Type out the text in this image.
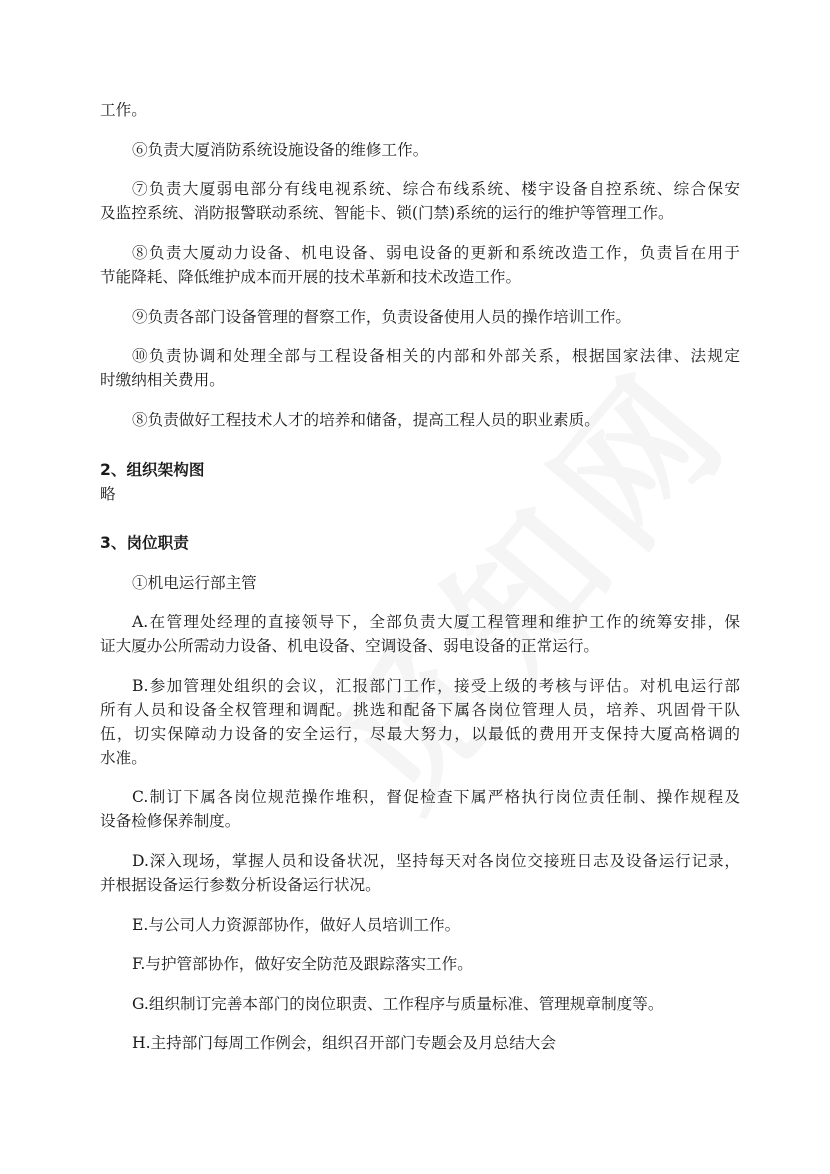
工作。
⑥负责大厦消防系统设施设备的维修工作。
⑦负责大厦弱电部分有线电视系统、综合布线系统、楼宇设备自控系统、综合保安
及监控系统、消防报警联动系统、智能卡、锁(门禁)系统的运行的维护等管理工作。
⑧负责大厦动力设备、机电设备、弱电设备的更新和系统改造工作，负责旨在用于
节能降耗、降低维护成本而开展的技术革新和技术改造工作。
⑨负责各部门设备管理的督察工作，负责设备使用人员的操作培训工作。
⑩负责协调和处理全部与工程设备相关的内部和外部关系，根据国家法律、法规定
时缴纳相关费用。
⑧负责做好工程技术人才的培养和储备，提高工程人员的职业素质。
2、组织架构图
略
3、岗位职责
①机电运行部主管
A.在管理处经理的直接领导下，全部负责大厦工程管理和维护工作的统筹安排，保
证大厦办公所需动力设备、机电设备、空调设备、弱电设备的正常运行。
B.参加管理处组织的会议，汇报部门工作，接受上级的考核与评估。对机电运行部
所有人员和设备全权管理和调配。挑选和配备下属各岗位管理人员，培养、巩固骨干队
伍，切实保障动力设备的安全运行，尽最大努力，以最低的费用开支保持大厦高格调的
水准。
C.制订下属各岗位规范操作堆积，督促检查下属严格执行岗位责任制、操作规程及
设备检修保养制度。
D.深入现场，掌握人员和设备状况，坚持每天对各岗位交接班日志及设备运行记录，
并根据设备运行参数分析设备运行状况。
E.与公司人力资源部协作，做好人员培训工作。
F.与护管部协作，做好安全防范及跟踪落实工作。
G.组织制订完善本部门的岗位职责、工作程序与质量标准、管理规章制度等。
H.主持部门每周工作例会，组织召开部门专题会及月总结大会
